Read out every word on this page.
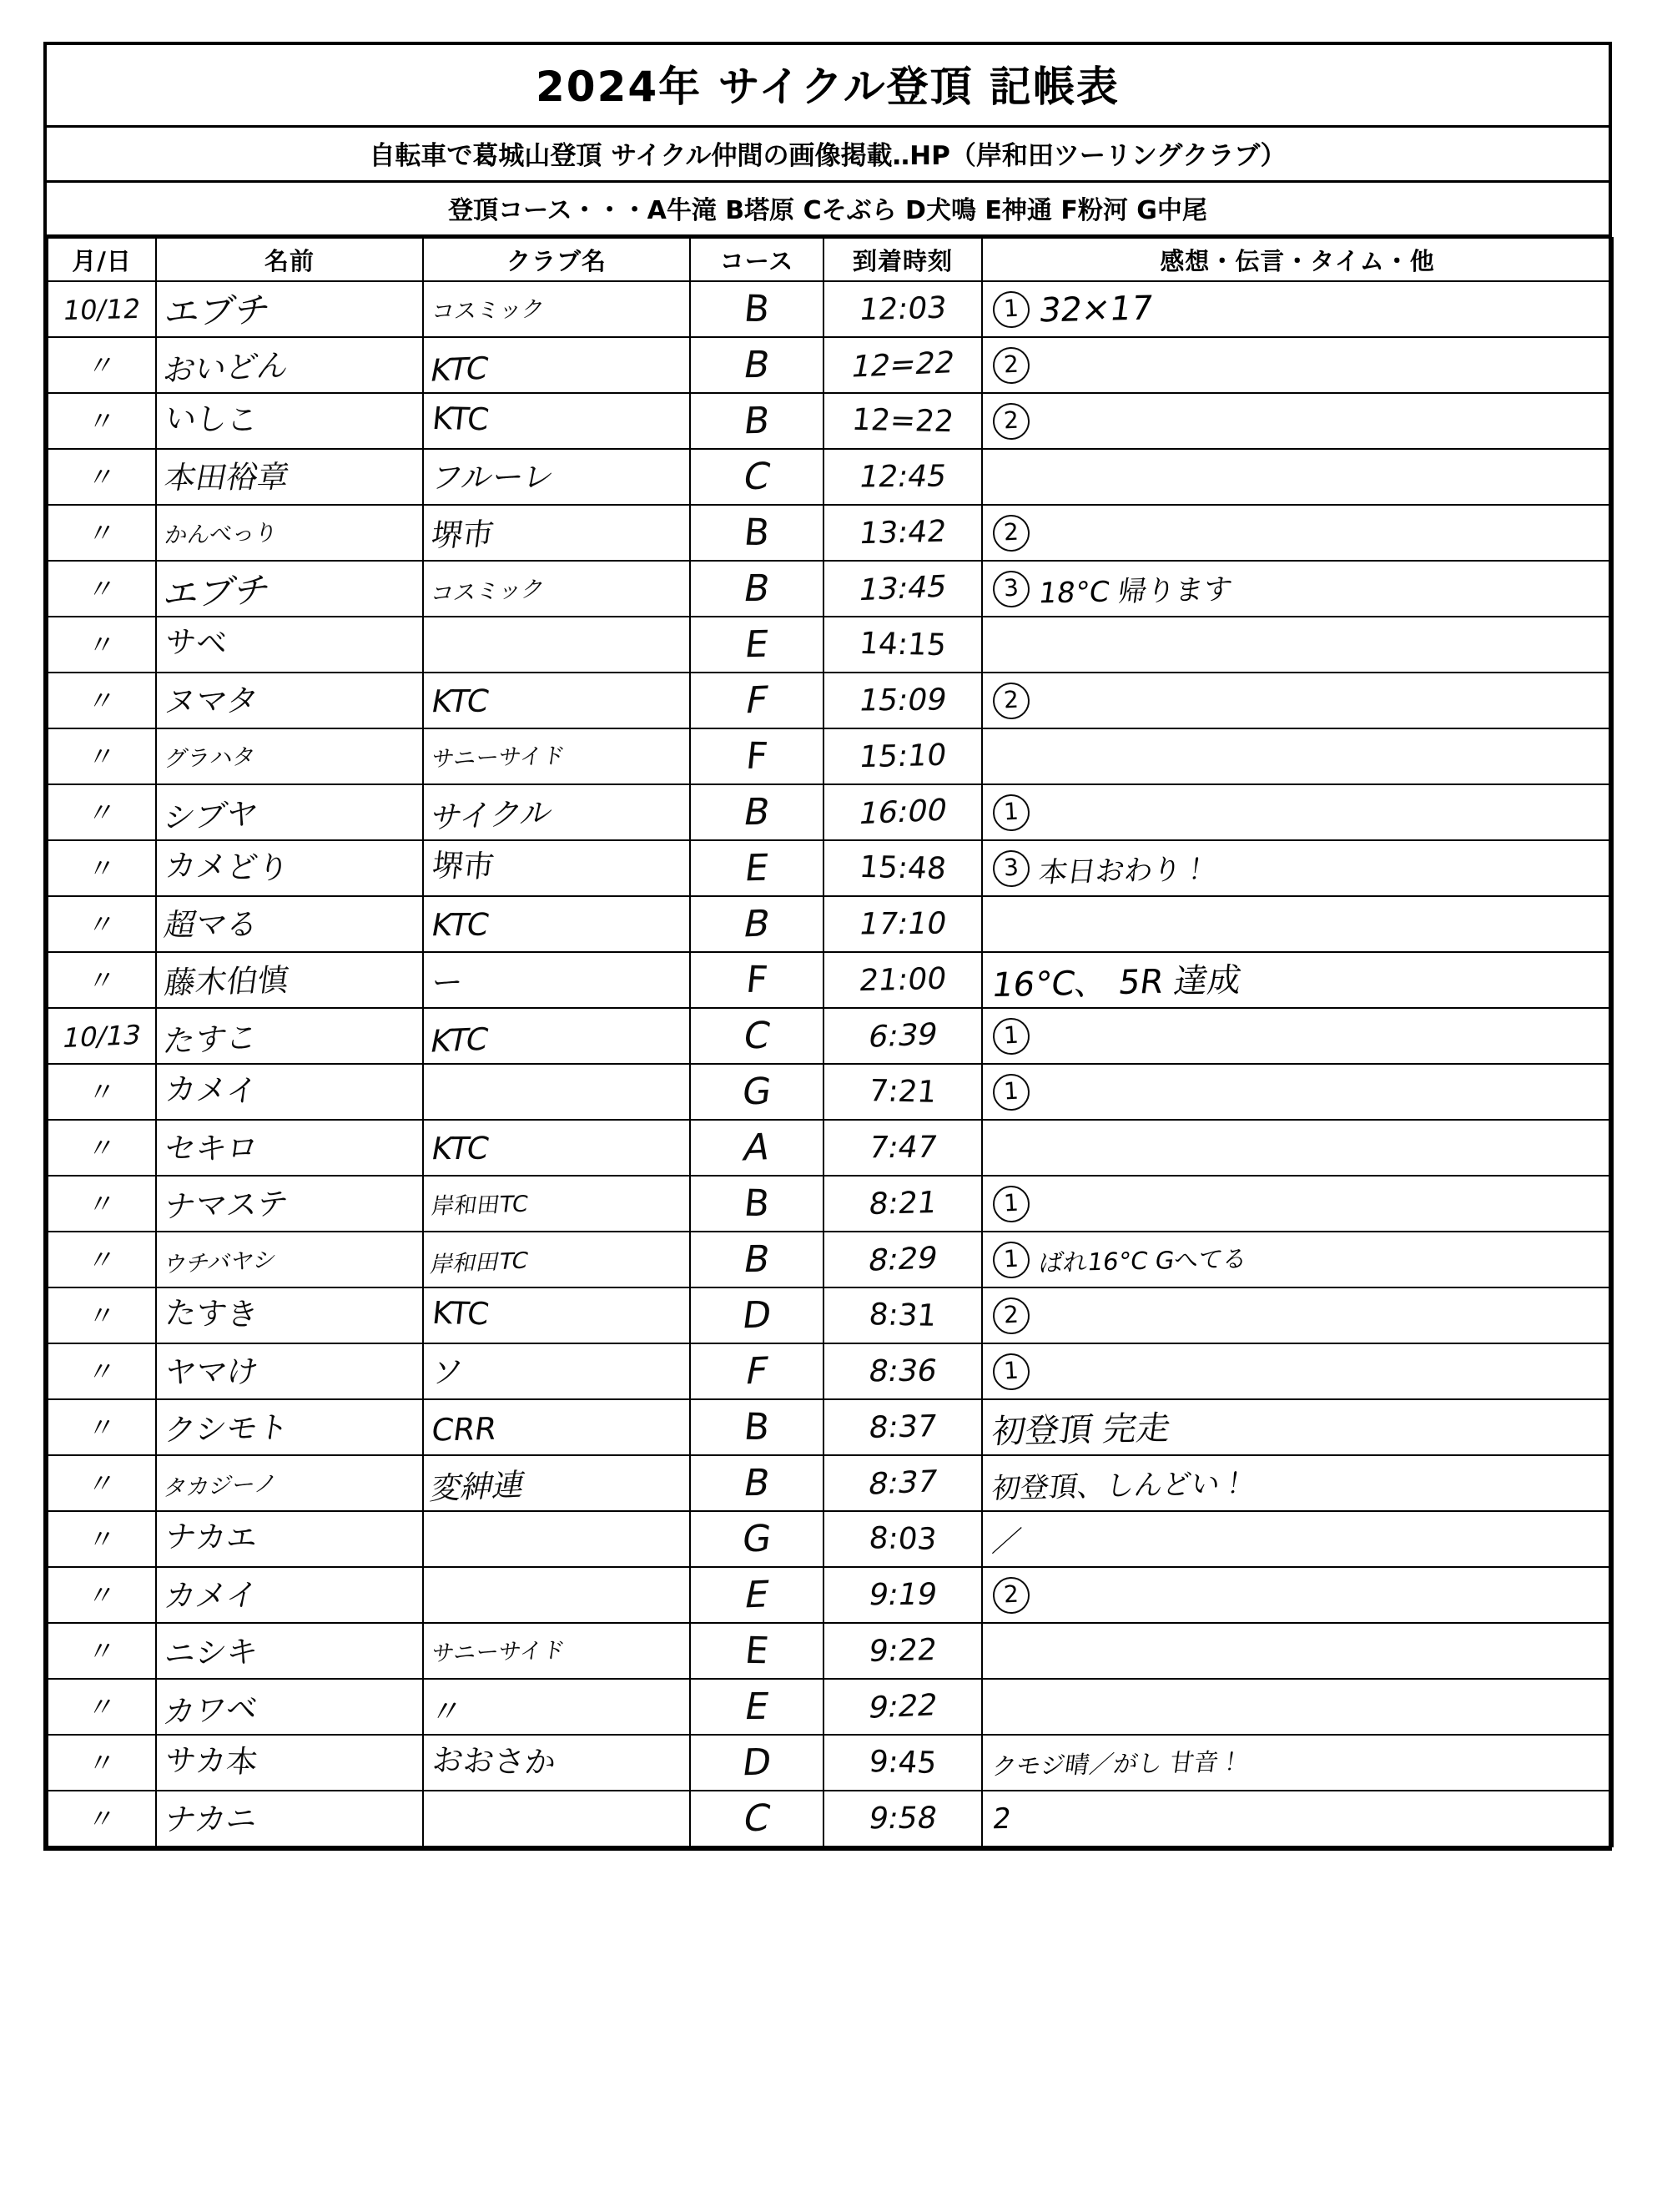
2024年 サイクル登頂 記帳表
自転車で葛城山登頂 サイクル仲間の画像掲載‥HP（岸和田ツーリングクラブ）
登頂コース・・・A牛滝 B塔原 Cそぶら D犬鳴 E神通 F粉河 G中尾
月/日	名前	クラブ名	コース	到着時刻	感想・伝言・タイム・他

10/12	エブチ	コスミック	B	12:03	1 32×17

〃	おいどん	KTC	B	12=22	2

〃	いしこ	KTC	B	12=22	2

〃	本田裕章	フルーレ	C	12:45	

〃	かんべっり	堺市	B	13:42	2

〃	エブチ	コスミック	B	13:45	3 18°C 帰ります

〃	サベ		E	14:15	

〃	ヌマタ	KTC	F	15:09	2

〃	グラハタ	サニーサイド	F	15:10	

〃	シブヤ	サイクル	B	16:00	1

〃	カメどり	堺市	E	15:48	3 本日おわり！

〃	超マる	KTC	B	17:10	

〃	藤木伯慎	ー	F	21:00	16°C、 5R 達成

10/13	たすこ	KTC	C	6:39	1

〃	カメイ		G	7:21	1

〃	セキロ	KTC	A	7:47	

〃	ナマステ	岸和田TC	B	8:21	1

〃	ウチバヤシ	岸和田TC	B	8:29	1 ばれ16°C Gへてる

〃	たすき	KTC	D	8:31	2

〃	ヤマけ	ソ	F	8:36	1

〃	クシモト	CRR	B	8:37	初登頂 完走

〃	タカジーノ	変紳連	B	8:37	初登頂、しんどい！

〃	ナカエ		G	8:03	／

〃	カメイ		E	9:19	2

〃	ニシキ	サニーサイド	E	9:22	

〃	カワベ	〃	E	9:22	

〃	サカ本	おおさか	D	9:45	クモジ晴／がし 甘音！

〃	ナカニ		C	9:58	2
